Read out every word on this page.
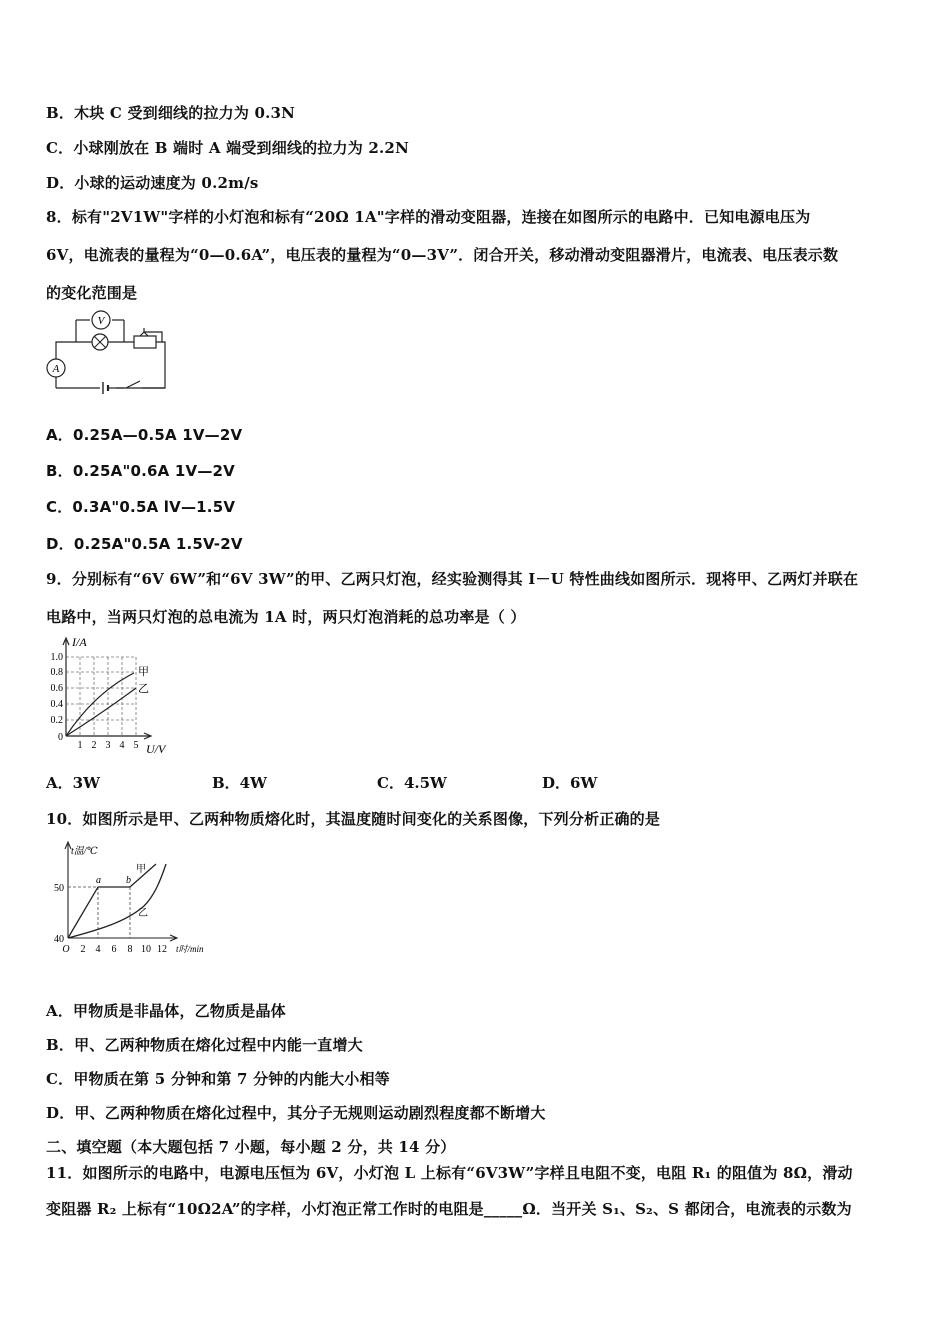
B．木块 C 受到细线的拉力为 0.3N
C．小球刚放在 B 端时 A 端受到细线的拉力为 2.2N
D．小球的运动速度为 0.2m/s
8．标有"2V1W"字样的小灯泡和标有“20Ω 1A"字样的滑动变阻器，连接在如图所示的电路中．已知电源电压为
6V，电流表的量程为“0—0.6A”，电压表的量程为“0—3V”．闭合开关，移动滑动变阻器滑片，电流表、电压表示数
的变化范围是
V
A
A．0.25A—0.5A 1V—2V
B．0.25A"0.6A 1V—2V
C．0.3A"0.5A lV—1.5V
D．0.25A"0.5A 1.5V-2V
9．分别标有“6V 6W”和“6V 3W”的甲、乙两只灯泡，经实验测得其 I－U 特性曲线如图所示．现将甲、乙两灯并联在
电路中，当两只灯泡的总电流为 1A 时，两只灯泡消耗的总功率是（ ）
I/A
U/V
1.0
0.8
0.6
0.4
0.2
0
1 2 3 4 5
甲
乙
A．3W	B．4W	C．4.5W	D．6W
10．如图所示是甲、乙两种物质熔化时，其温度随时间变化的关系图像，下列分析正确的是
t温/℃
50
40
O 2 4 6 8 10 12 t时/min
a	b
甲
乙
A．甲物质是非晶体，乙物质是晶体
B．甲、乙两种物质在熔化过程中内能一直增大
C．甲物质在第 5 分钟和第 7 分钟的内能大小相等
D．甲、乙两种物质在熔化过程中，其分子无规则运动剧烈程度都不断增大
二、填空题（本大题包括 7 小题，每小题 2 分，共 14 分）
11．如图所示的电路中，电源电压恒为 6V，小灯泡 L 上标有“6V3W”字样且电阻不变，电阻 R₁ 的阻值为 8Ω，滑动
变阻器 R₂ 上标有“10Ω2A”的字样，小灯泡正常工作时的电阻是_____Ω．当开关 S₁、S₂、S 都闭合，电流表的示数为
